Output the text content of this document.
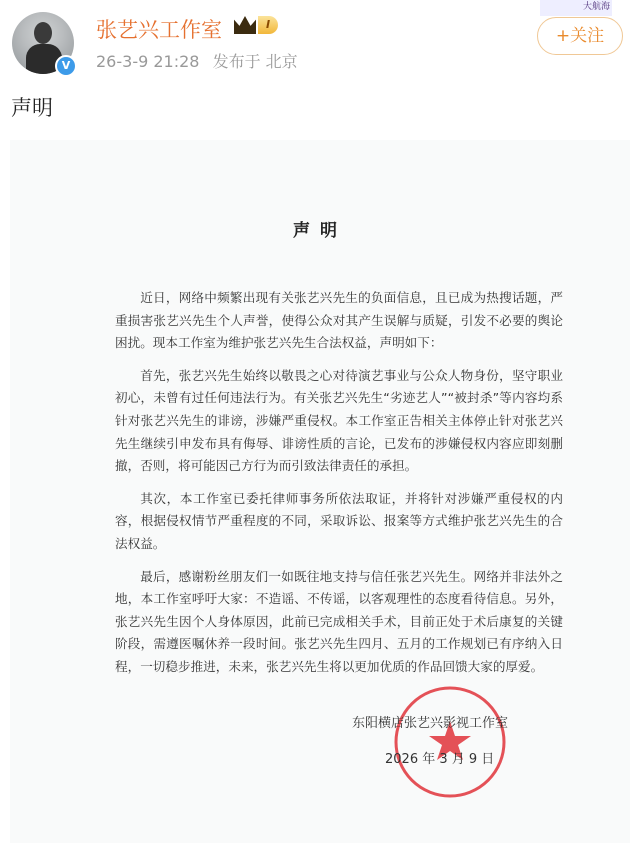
大航海
V
张艺兴工作室	I
26-3-9 21:28 发布于 北京
+关注
声明
声明

近日，网络中频繁出现有关张艺兴先生的负面信息，且已成为热搜话题，严重损害张艺兴先生个人声誉，使得公众对其产生误解与质疑，引发不必要的舆论困扰。现本工作室为维护张艺兴先生合法权益，声明如下：

首先，张艺兴先生始终以敬畏之心对待演艺事业与公众人物身份，坚守职业初心，未曾有过任何违法行为。有关张艺兴先生“劣迹艺人”“被封杀”等内容均系针对张艺兴先生的诽谤，涉嫌严重侵权。本工作室正告相关主体停止针对张艺兴先生继续引申发布具有侮辱、诽谤性质的言论，已发布的涉嫌侵权内容应即刻删撤，否则，将可能因己方行为而引致法律责任的承担。

其次，本工作室已委托律师事务所依法取证，并将针对涉嫌严重侵权的内容，根据侵权情节严重程度的不同，采取诉讼、报案等方式维护张艺兴先生的合法权益。

最后，感谢粉丝朋友们一如既往地支持与信任张艺兴先生。网络并非法外之地，本工作室呼吁大家：不造谣、不传谣，以客观理性的态度看待信息。另外，张艺兴先生因个人身体原因，此前已完成相关手术，目前正处于术后康复的关键阶段，需遵医嘱休养一段时间。张艺兴先生四月、五月的工作规划已有序纳入日程，一切稳步推进，未来，张艺兴先生将以更加优质的作品回馈大家的厚爱。

东阳横店张艺兴影视工作室
2026 年 3 月 9 日
